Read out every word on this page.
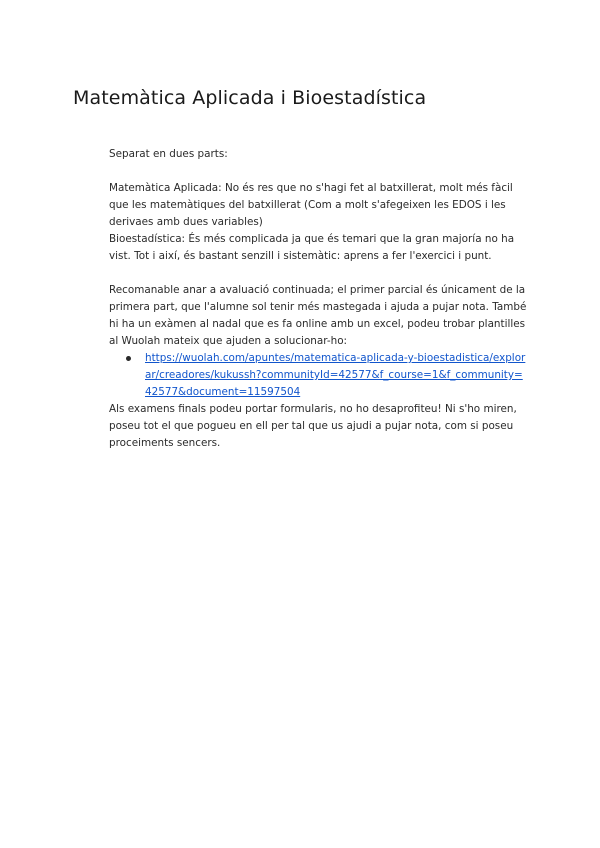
Matemàtica Aplicada i Bioestadística

Separat en dues parts:

Matemàtica Aplicada: No és res que no s'hagi fet al batxillerat, molt més fàcil que les matemàtiques del batxillerat (Com a molt s'afegeixen les EDOS i les derivaes amb dues variables)

Bioestadística: És més complicada ja que és temari que la gran majoría no ha vist. Tot i així, és bastant senzill i sistemàtic: aprens a fer l'exercici i punt.

Recomanable anar a avaluació continuada; el primer parcial és únicament de la primera part, que l'alumne sol tenir més mastegada i ajuda a pujar nota. També hi ha un exàmen al nadal que es fa online amb un excel, podeu trobar plantilles al Wuolah mateix que ajuden a solucionar-ho:

https://wuolah.com/apuntes/matematica-aplicada-y-bioestadistica/explorar/creadores/kukussh?communityId=42577&f_course=1&f_community=42577&document=11597504

Als examens finals podeu portar formularis, no ho desaprofiteu! Ni s'ho miren, poseu tot el que pogueu en ell per tal que us ajudi a pujar nota, com si poseu proceiments sencers.
